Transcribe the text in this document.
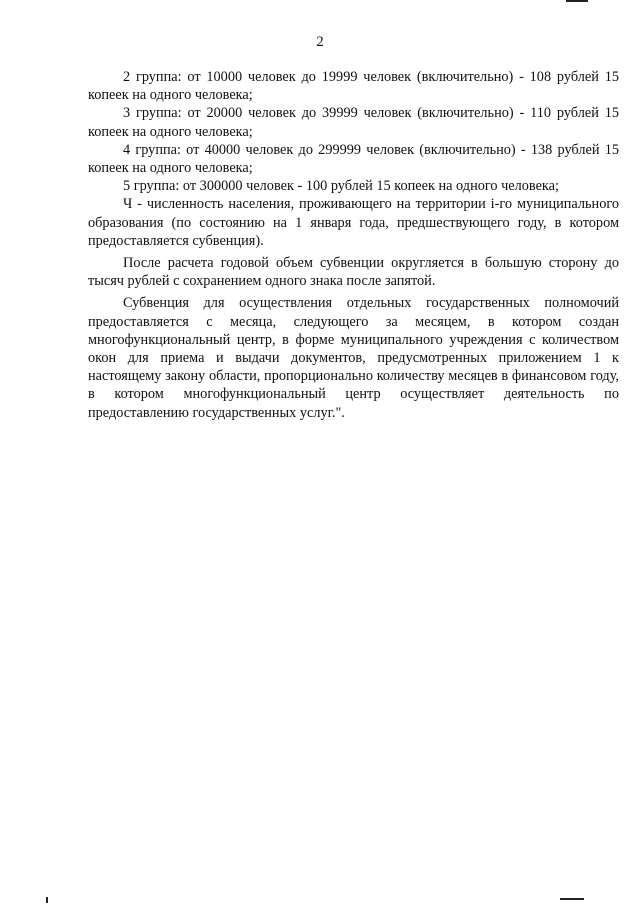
2

2 группа: от 10000 человек до 19999 человек (включительно) - 108 рублей 15 копеек на одного человека;

3 группа: от 20000 человек до 39999 человек (включительно) - 110 рублей 15 копеек на одного человека;

4 группа: от 40000 человек до 299999 человек (включительно) - 138 рублей 15 копеек на одного человека;

5 группа: от 300000 человек - 100 рублей 15 копеек на одного человека;

Ч - численность населения, проживающего на территории i-го муниципального образования (по состоянию на 1 января года, предшествующего году, в котором предоставляется субвенция).

После расчета годовой объем субвенции округляется в большую сторону до тысяч рублей с сохранением одного знака после запятой.

Субвенция для осуществления отдельных государственных полномочий предоставляется с месяца, следующего за месяцем, в котором создан многофункциональный центр, в форме муниципального учреждения с количеством окон для приема и выдачи документов, предусмотренных приложением 1 к настоящему закону области, пропорционально количеству месяцев в финансовом году, в котором многофункциональный центр осуществляет деятельность по предоставлению государственных услуг.".
